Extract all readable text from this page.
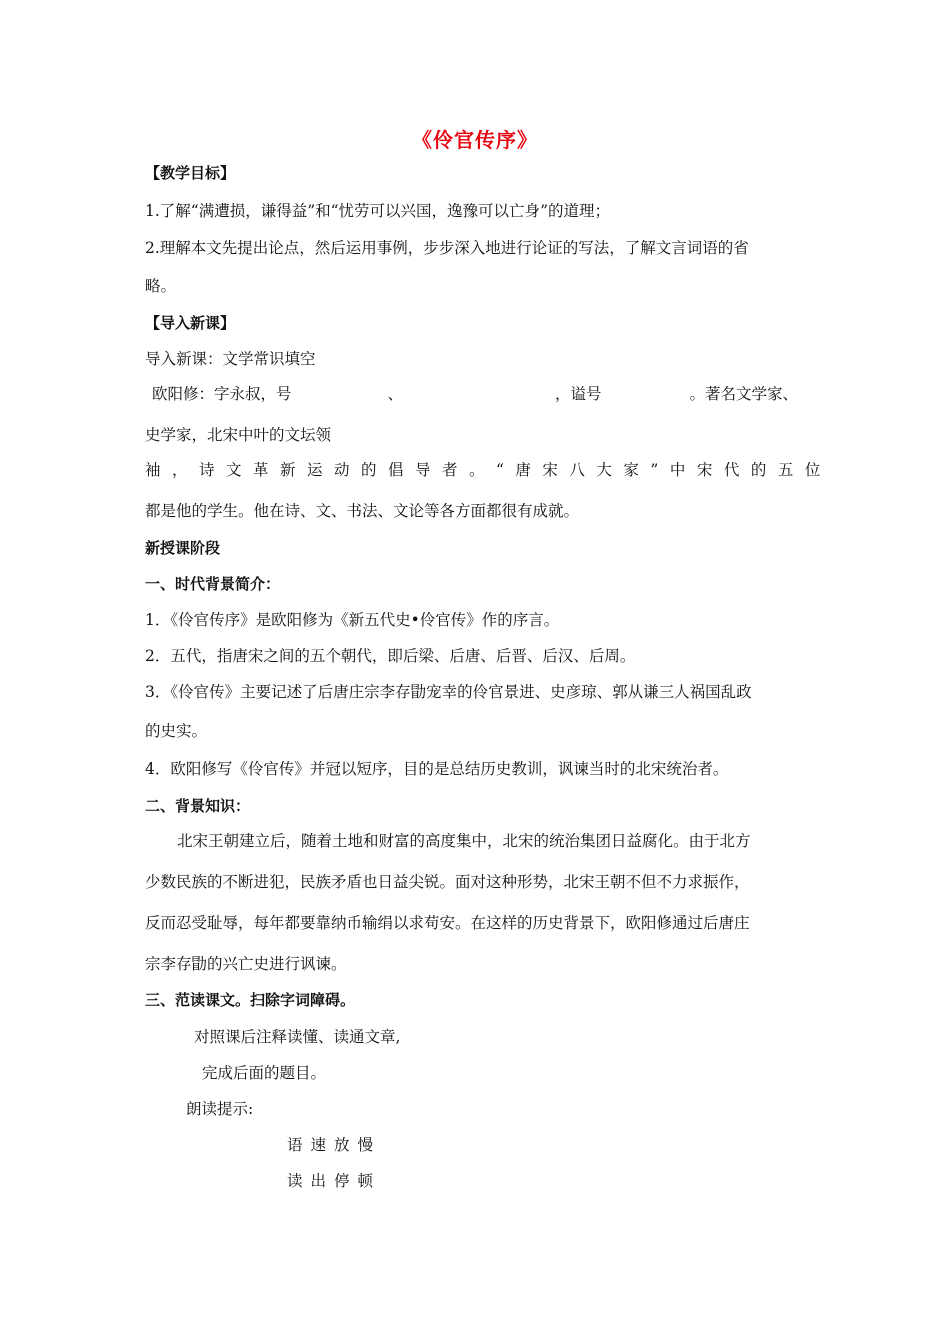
《伶官传序》
【教学目标】
1.了解“满遭损，谦得益”和“忧劳可以兴国，逸豫可以亡身”的道理；
2.理解本文先提出论点，然后运用事例，步步深入地进行论证的写法，了解文言词语的省
略。
【导入新课】
导入新课：文学常识填空
欧阳修：字永叔，号	、	，谥号	。著名文学家、
史学家，北宋中叶的文坛领
袖，诗文革新运动的倡导者。“唐宋八大家”中宋代的五位
都是他的学生。他在诗、文、书法、文论等各方面都很有成就。
新授课阶段
一、时代背景简介：
1．《伶官传序》是欧阳修为《新五代史•伶官传》作的序言。
2．五代，指唐宋之间的五个朝代，即后梁、后唐、后晋、后汉、后周。
3．《伶官传》主要记述了后唐庄宗李存勖宠幸的伶官景进、史彦琼、郭从谦三人祸国乱政
的史实。
4．欧阳修写《伶官传》并冠以短序，目的是总结历史教训，讽谏当时的北宋统治者。
二、背景知识：
北宋王朝建立后，随着土地和财富的高度集中，北宋的统治集团日益腐化。由于北方
少数民族的不断进犯，民族矛盾也日益尖锐。面对这种形势，北宋王朝不但不力求振作，
反而忍受耻辱，每年都要靠纳币输绢以求苟安。在这样的历史背景下，欧阳修通过后唐庄
宗李存勖的兴亡史进行讽谏。
三、范读课文。扫除字词障碍。
对照课后注释读懂、读通文章,
完成后面的题目。
朗读提示:
语速放慢
读出停顿
